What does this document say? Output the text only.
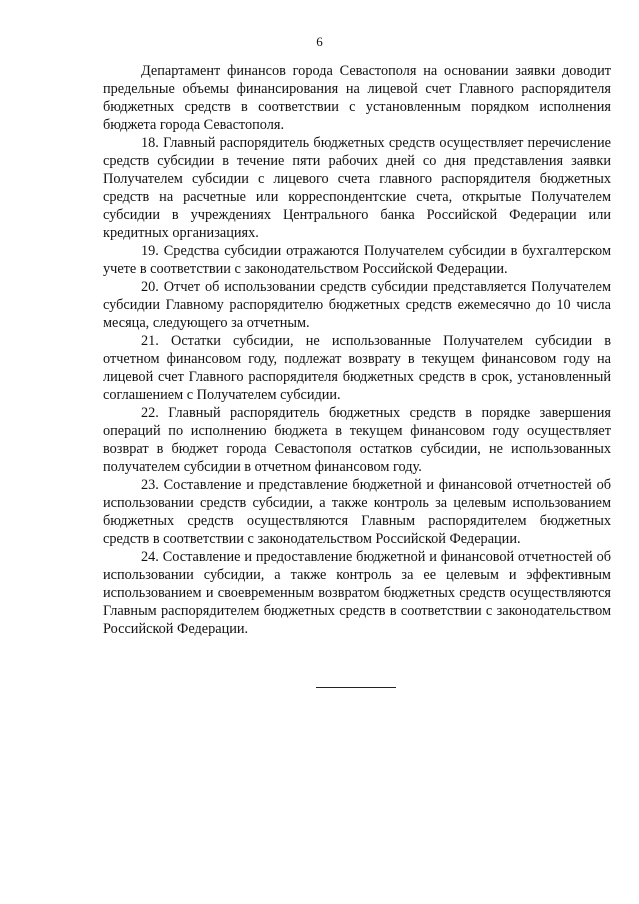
6

Департамент финансов города Севастополя на основании заявки доводит предельные объемы финансирования на лицевой счет Главного распорядителя бюджетных средств в соответствии с установленным порядком исполнения бюджета города Севастополя.

18. Главный распорядитель бюджетных средств осуществляет перечисление средств субсидии в течение пяти рабочих дней со дня представления заявки Получателем субсидии с лицевого счета главного распорядителя бюджетных средств на расчетные или корреспондентские счета, открытые Получателем субсидии в учреждениях Центрального банка Российской Федерации или кредитных организациях.

19. Средства субсидии отражаются Получателем субсидии в бухгалтерском учете в соответствии с законодательством Российской Федерации.

20. Отчет об использовании средств субсидии представляется Получателем субсидии Главному распорядителю бюджетных средств ежемесячно до 10 числа месяца, следующего за отчетным.

21. Остатки субсидии, не использованные Получателем субсидии в отчетном финансовом году, подлежат возврату в текущем финансовом году на лицевой счет Главного распорядителя бюджетных средств в срок, установленный соглашением с Получателем субсидии.

22. Главный распорядитель бюджетных средств в порядке завершения операций по исполнению бюджета в текущем финансовом году осуществляет возврат в бюджет города Севастополя остатков субсидии, не использованных получателем субсидии в отчетном финансовом году.

23. Составление и представление бюджетной и финансовой отчетностей об использовании средств субсидии, а также контроль за целевым использованием бюджетных средств осуществляются Главным распорядителем бюджетных средств в соответствии с законодательством Российской Федерации.

24. Составление и предоставление бюджетной и финансовой отчетностей об использовании субсидии, а также контроль за ее целевым и эффективным использованием и своевременным возвратом бюджетных средств осуществляются Главным распорядителем бюджетных средств в соответствии с законодательством Российской Федерации.
